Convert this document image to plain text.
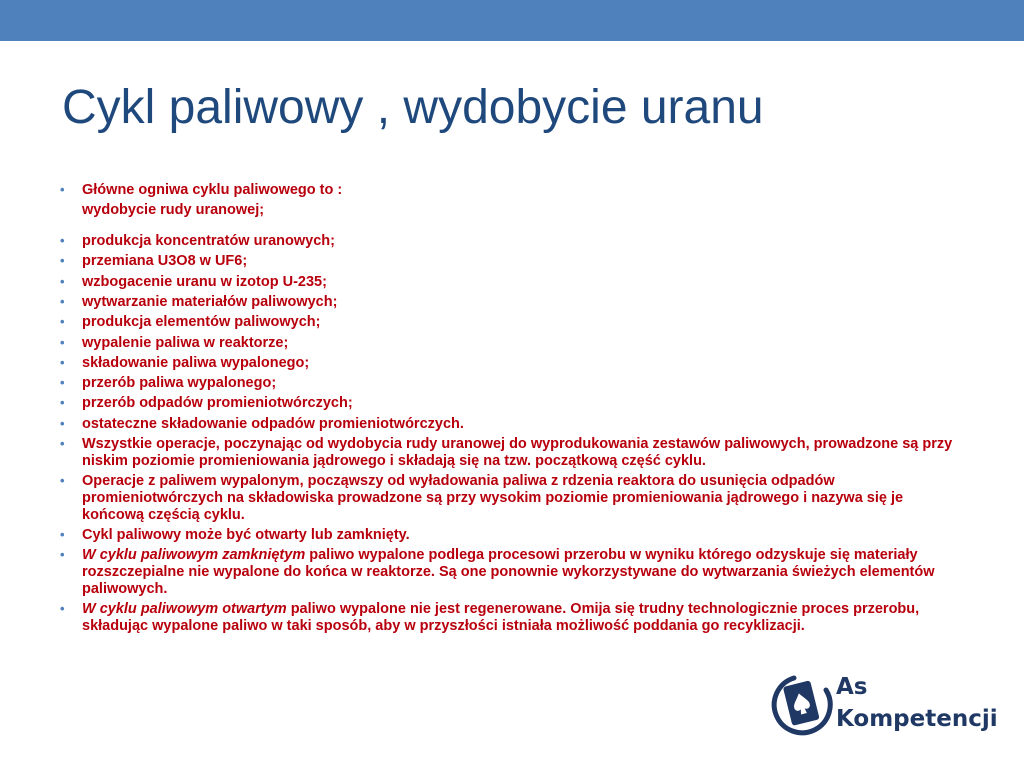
Cykl paliwowy , wydobycie uranu
• Główne ogniwa cyklu paliwowego to :
wydobycie rudy uranowej;
• produkcja koncentratów uranowych;
• przemiana U3O8 w UF6;
• wzbogacenie uranu w izotop U-235;
• wytwarzanie materiałów paliwowych;
• produkcja elementów paliwowych;
• wypalenie paliwa w reaktorze;
• składowanie paliwa wypalonego;
• przerób paliwa wypalonego;
• przerób odpadów promieniotwórczych;
• ostateczne składowanie odpadów promieniotwórczych.
• Wszystkie operacje, poczynając od wydobycia rudy uranowej do wyprodukowania zestawów paliwowych, prowadzone są przy niskim poziomie promieniowania jądrowego i składają się na tzw. początkową część cyklu.
• Operacje z paliwem wypalonym, począwszy od wyładowania paliwa z rdzenia reaktora do usunięcia odpadów promieniotwórczych na składowiska prowadzone są przy wysokim poziomie promieniowania jądrowego i nazywa się je końcową częścią cyklu.
• Cykl paliwowy może być otwarty lub zamknięty.
• W cyklu paliwowym zamkniętym paliwo wypalone podlega procesowi przerobu w wyniku którego odzyskuje się materiały rozszczepialne nie wypalone do końca w reaktorze. Są one ponownie wykorzystywane do wytwarzania świeżych elementów paliwowych.
• W cyklu paliwowym otwartym paliwo wypalone nie jest regenerowane. Omija się trudny technologicznie proces przerobu, składując wypalone paliwo w taki sposób, aby w przyszłości istniała możliwość poddania go recyklizacji.
As
Kompetencji
